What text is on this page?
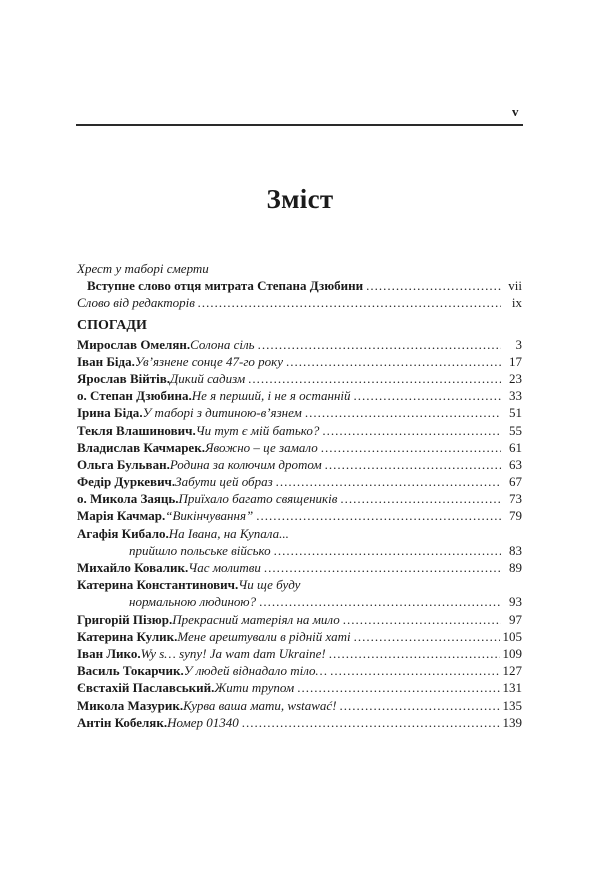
v
Зміст
Хрест у таборі смерти
Вступне слово отця митрата Степана Дзюбини .....	vii
Слово від редакторів .....	ix
СПОГАДИ
Мирослав Омелян . Солона сіль .....	3
Іван Біда . Ув’язнене сонце 47-го року .....	17
Ярослав Війтів . Дикий садизм .....	23
о. Степан Дзюбина . Не я перший, і не я останній .....	33
Ірина Біда . У таборі з дитиною-в’язнем .....	51
Текля Влашинович . Чи тут є мій батько? .....	55
Владислав Качмарек . Явожно – це замало .....	61
Ольга Бульван . Родина за колючим дротом .....	63
Федір Дуркевич . Забути цей образ .....	67
о. Микола Заяць . Приїхало багато священиків .....	73
Марія Качмар . “Викінчування” .....	79
Агафія Кибало . На Івана, на Купала...
прийшло польське військо .....	83
Михайло Ковалик . Час молитви .....	89
Катерина Константинович . Чи ще буду
нормальною людиною? .....	93
Григорій Пізюр . Прекрасний матеріял на мило .....	97
Катерина Кулик . Мене арештували в рідній хаті .....	105
Іван Лико . Wy s… syny! Ja wam dam Ukraine! .....	109
Василь Токарчик . У людей віднадало тіло… .....	127
Євстахій Паславський . Жити трупом .....	131
Микола Мазурик . Курва ваша мати, wstawać! .....	135
Антін Кобеляк . Номер 01340 .....	139
